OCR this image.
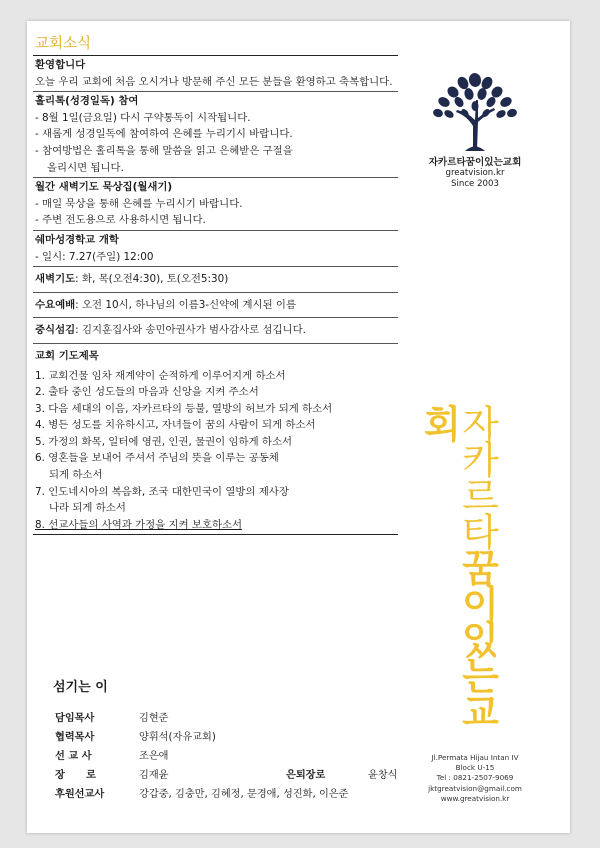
교회소식
환영합니다
오늘 우리 교회에 처음 오시거나 방문해 주신 모든 분들을 환영하고 축복합니다.
홀리톡(성경일독) 참여
- 8월 1일(금요일) 다시 구약통독이 시작됩니다.
- 새롭게 성경일독에 참여하여 은혜를 누리기시 바랍니다.
- 참여방법은 홀리톡을 통해 말씀을 읽고 은혜받은 구절을
올리시면 됩니다.
월간 새벽기도 묵상집(월새기)
- 매일 묵상을 통해 은혜를 누리시기 바랍니다.
- 주변 전도용으로 사용하시면 됩니다.
쉐마성경학교 개학
- 일시: 7.27(주일) 12:00
새벽기도: 화, 목(오전4:30), 토(오전5:30)
수요예배: 오전 10시, 하나님의 이름3-신약에 계시된 이름
중식섬김: 김지훈집사와 송민아권사가 범사감사로 섬깁니다.
교회 기도제목
1. 교회건물 임차 재계약이 순적하게 이루어지게 하소서
2. 출타 중인 성도들의 마음과 신앙을 지켜 주소서
3. 다음 세대의 이음, 자카르타의 등불, 열방의 허브가 되게 하소서
4. 병든 성도를 치유하시고, 자녀들이 꿈의 사람이 되게 하소서
5. 가정의 화목, 일터에 영권, 인권, 물권이 임하게 하소서
6. 영혼들을 보내어 주셔서 주님의 뜻을 이루는 공동체
되게 하소서
7. 인도네시아의 복음화, 조국 대한민국이 열방의 제사장
나라 되게 하소서
8. 선교사들의 사역과 가정을 지켜 보호하소서
자카르타꿈이있는교회
greatvision.kr
Since 2003
자카르타꿈이있는교회
Jl.Permata Hijau Intan IV
Block U-15
Tel : 0821-2507-9069
jktgreatvision@gmail.com
www.greatvision.kr
섬기는 이
담임목사	김현준
협력목사	양휘석(자유교회)
선 교 사	조은애
장      로	김재윤	은퇴장로	윤창식
후원선교사	강갑중, 김충만, 김혜정, 문경애, 성진화, 이은준
